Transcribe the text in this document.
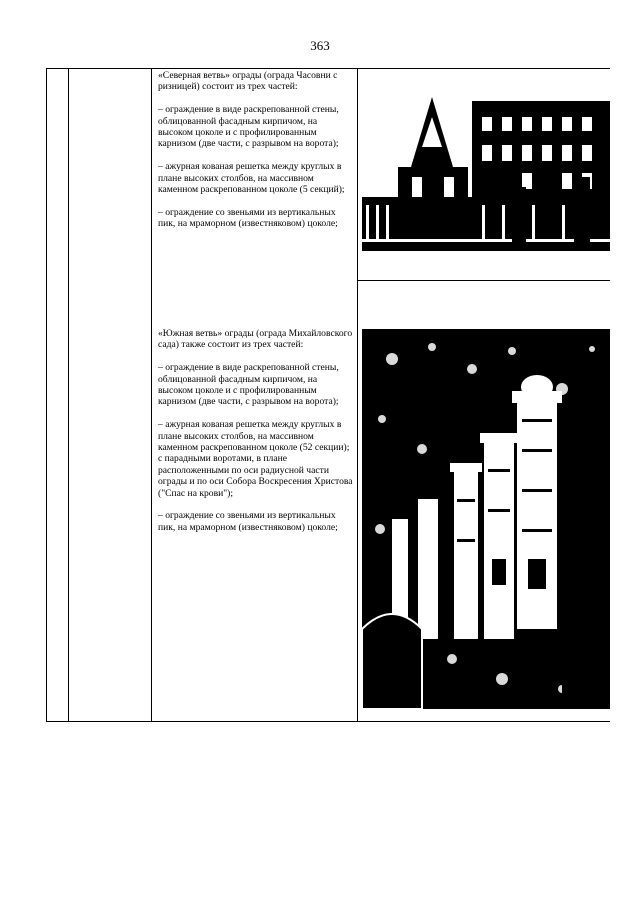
363

«Северная ветвь» ограды (ограда Часовни с ризницей) состоит из трех частей:

– ограждение в виде раскрепованной стены, облицованной фасадным кирпичом, на высоком цоколе и с профилированным карнизом (две части, с разрывом на ворота);

– ажурная кованая решетка между круглых в плане высоких столбов, на массивном каменном раскрепованном цоколе (5 секций);

– ограждение со звеньями из вертикальных пик, на мраморном (известняковом) цоколе;

«Южная ветвь» ограды (ограда Михайловского сада) также состоит из трех частей:

– ограждение в виде раскрепованной стены, облицованной фасадным кирпичом, на высоком цоколе и с профилированным карнизом (две части, с разрывом на ворота);

– ажурная кованая решетка между круглых в плане высоких столбов, на массивном каменном раскрепованном цоколе (52 секции); с парадными воротами, в плане расположенными по оси радиусной части ограды и по оси Собора Воскресения Христова ("Спас на крови");

– ограждение со звеньями из вертикальных пик, на мраморном (известняковом) цоколе;
